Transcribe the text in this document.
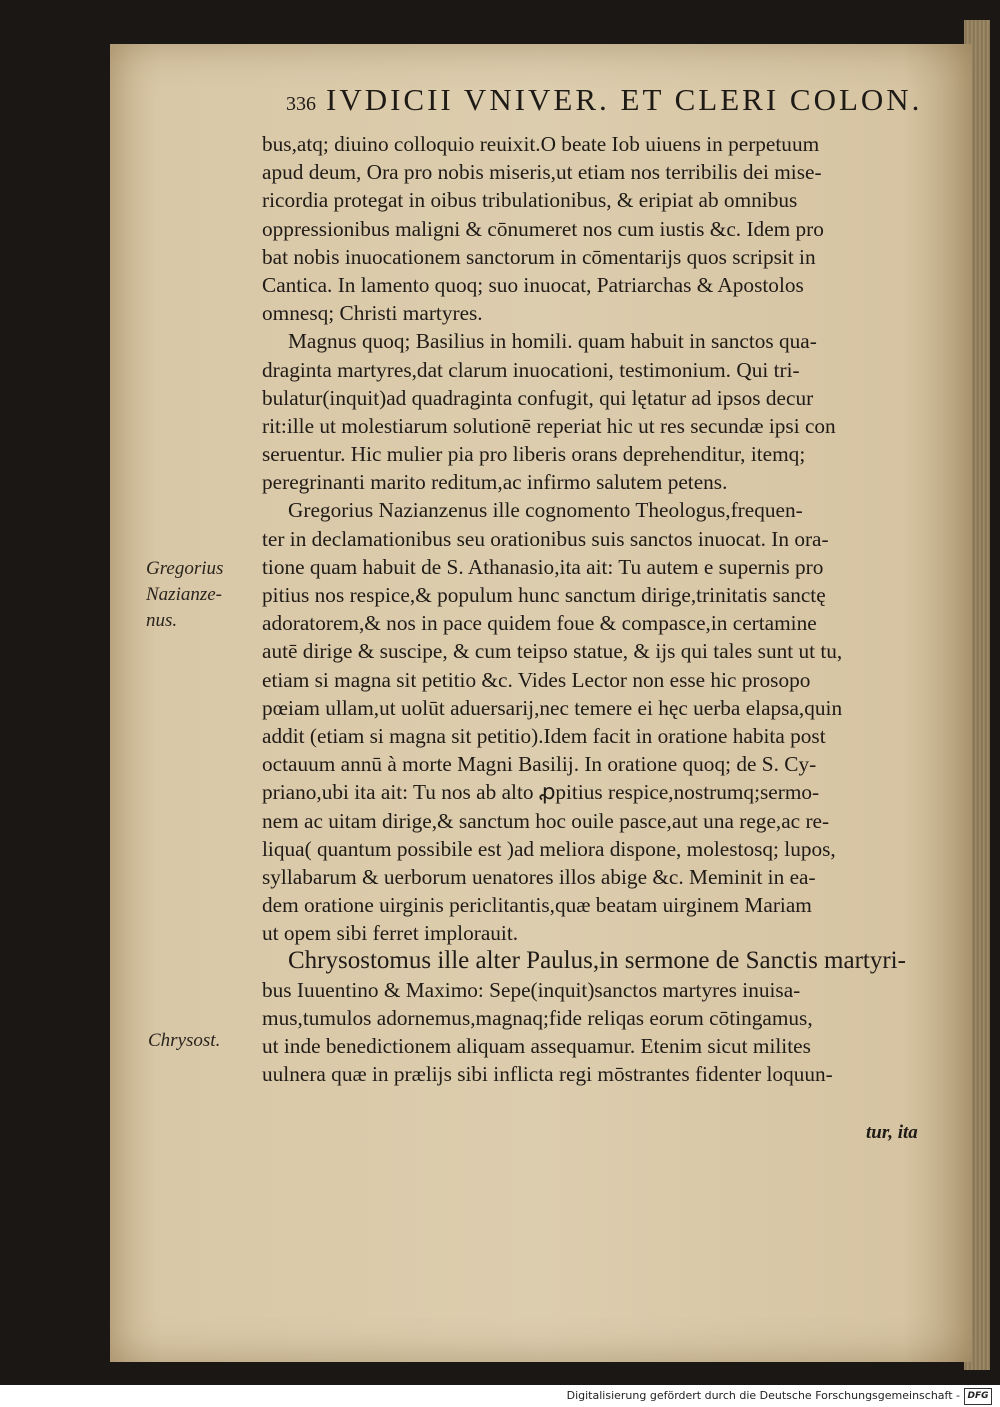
336 IVDICII VNIVER. ET CLERI COLON.
bus,atq; diuino colloquio reuixit.O beate Iob uiuens in perpetuum
apud deum, Ora pro nobis miseris,ut etiam nos terribilis dei mise-
ricordia protegat in oibus tribulationibus, & eripiat ab omnibus
oppressionibus maligni & cōnumeret nos cum iustis &c. Idem pro
bat nobis inuocationem sanctorum in cōmentarijs quos scripsit in
Cantica. In lamento quoq; suo inuocat, Patriarchas & Apostolos
omnesq; Christi martyres.
Magnus quoq; Basilius in homili. quam habuit in sanctos qua-
draginta martyres,dat clarum inuocationi, testimonium. Qui tri-
bulatur(inquit)ad quadraginta confugit, qui lętatur ad ipsos decur
rit:ille ut molestiarum solutionē reperiat hic ut res secundæ ipsi con
seruentur. Hic mulier pia pro liberis orans deprehenditur, itemq;
peregrinanti marito reditum,ac infirmo salutem petens.
Gregorius Nazianzenus ille cognomento Theologus,frequen-
ter in declamationibus seu orationibus suis sanctos inuocat. In ora-
tione quam habuit de S. Athanasio,ita ait: Tu autem e supernis pro
pitius nos respice,& populum hunc sanctum dirige,trinitatis sanctę
adoratorem,& nos in pace quidem foue & compasce,in certamine
autē dirige & suscipe, & cum teipso statue, & ijs qui tales sunt ut tu,
etiam si magna sit petitio &c. Vides Lector non esse hic prosopo
pœiam ullam,ut uolūt aduersarij,nec temere ei hęc uerba elapsa,quin
addit (etiam si magna sit petitio).Idem facit in oratione habita post
octauum annū à morte Magni Basilij. In oratione quoq; de S. Cy-
priano,ubi ita ait: Tu nos ab alto ꝓpitius respice,nostrumq;sermo-
nem ac uitam dirige,& sanctum hoc ouile pasce,aut una rege,ac re-
liqua( quantum possibile est )ad meliora dispone, molestosq; lupos,
syllabarum & uerborum uenatores illos abige &c. Meminit in ea-
dem oratione uirginis periclitantis,quæ beatam uirginem Mariam
ut opem sibi ferret implorauit.
Chrysostomus ille alter Paulus,in sermone de Sanctis martyri-
bus Iuuentino & Maximo: Sepe(inquit)sanctos martyres inuisa-
mus,tumulos adornemus,magnaq;fide reliqas eorum cōtingamus,
ut inde benedictionem aliquam assequamur. Etenim sicut milites
uulnera quæ in prælijs sibi inflicta regi mōstrantes fidenter loquun-
Gregorius
Nazianze-
nus.
Chrysost.
tur, ita
Digitalisierung gefördert durch die Deutsche Forschungsgemeinschaft - DFG
